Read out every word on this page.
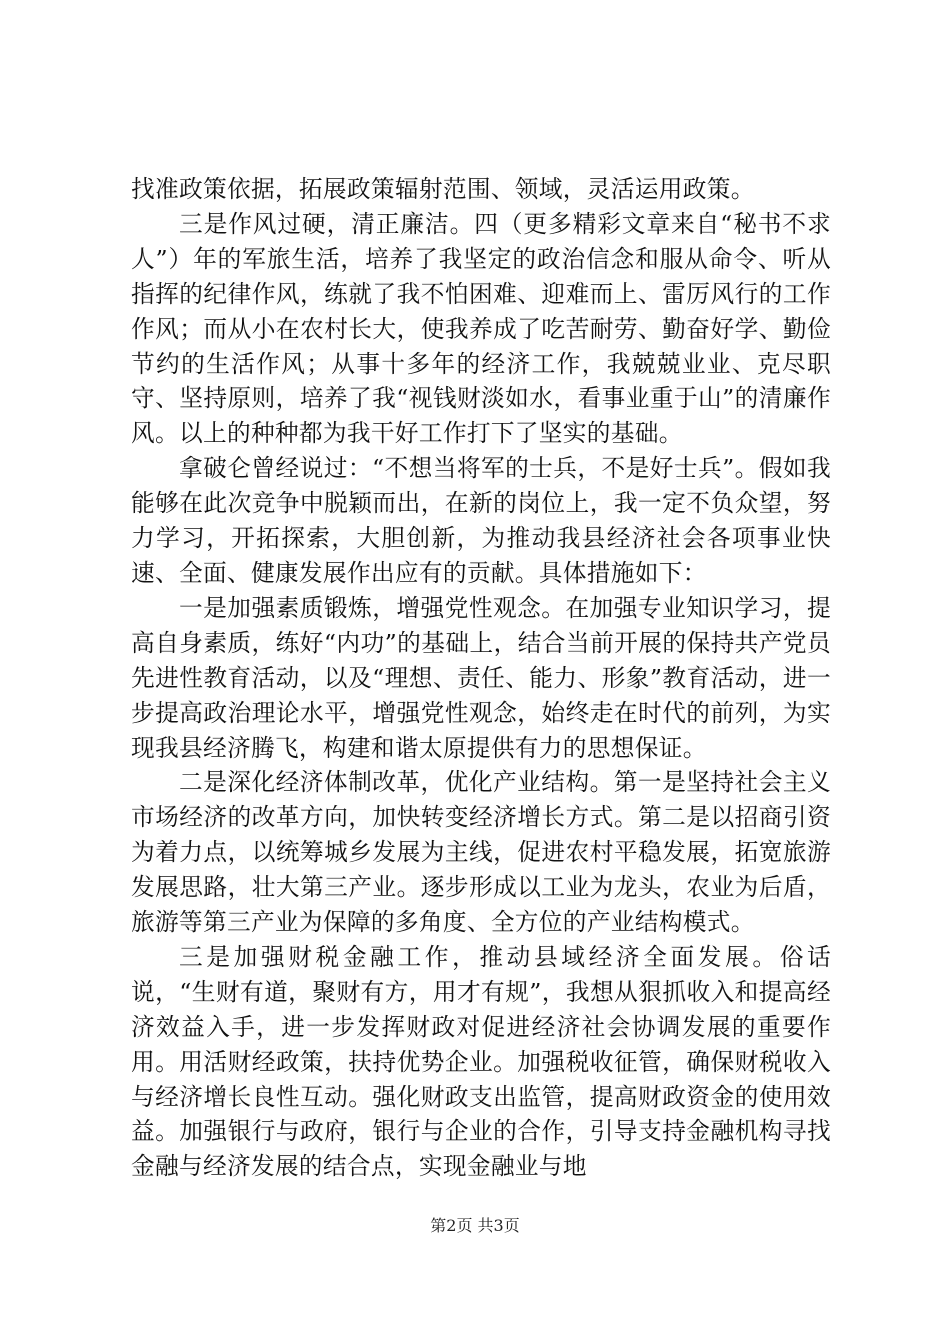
找准政策依据，拓展政策辐射范围、领域，灵活运用政策。

三是作风过硬，清正廉洁。四（更多精彩文章来自“秘书不求人”）年的军旅生活，培养了我坚定的政治信念和服从命令、听从指挥的纪律作风，练就了我不怕困难、迎难而上、雷厉风行的工作作风；而从小在农村长大，使我养成了吃苦耐劳、勤奋好学、勤俭节约的生活作风；从事十多年的经济工作，我兢兢业业、克尽职守、坚持原则，培养了我“视钱财淡如水，看事业重于山”的清廉作风。以上的种种都为我干好工作打下了坚实的基础。

拿破仑曾经说过：“不想当将军的士兵，不是好士兵”。假如我能够在此次竞争中脱颖而出，在新的岗位上，我一定不负众望，努力学习，开拓探索，大胆创新，为推动我县经济社会各项事业快速、全面、健康发展作出应有的贡献。具体措施如下：

一是加强素质锻炼，增强党性观念。在加强专业知识学习，提高自身素质，练好“内功”的基础上，结合当前开展的保持共产党员先进性教育活动，以及“理想、责任、能力、形象”教育活动，进一步提高政治理论水平，增强党性观念，始终走在时代的前列，为实现我县经济腾飞，构建和谐太原提供有力的思想保证。

二是深化经济体制改革，优化产业结构。第一是坚持社会主义市场经济的改革方向，加快转变经济增长方式。第二是以招商引资为着力点，以统筹城乡发展为主线，促进农村平稳发展，拓宽旅游发展思路，壮大第三产业。逐步形成以工业为龙头，农业为后盾，旅游等第三产业为保障的多角度、全方位的产业结构模式。

三是加强财税金融工作，推动县域经济全面发展。俗话说，“生财有道，聚财有方，用才有规”，我想从狠抓收入和提高经济效益入手，进一步发挥财政对促进经济社会协调发展的重要作用。用活财经政策，扶持优势企业。加强税收征管，确保财税收入与经济增长良性互动。强化财政支出监管，提高财政资金的使用效益。加强银行与政府，银行与企业的合作，引导支持金融机构寻找金融与经济发展的结合点，实现金融业与地

第2页 共3页
